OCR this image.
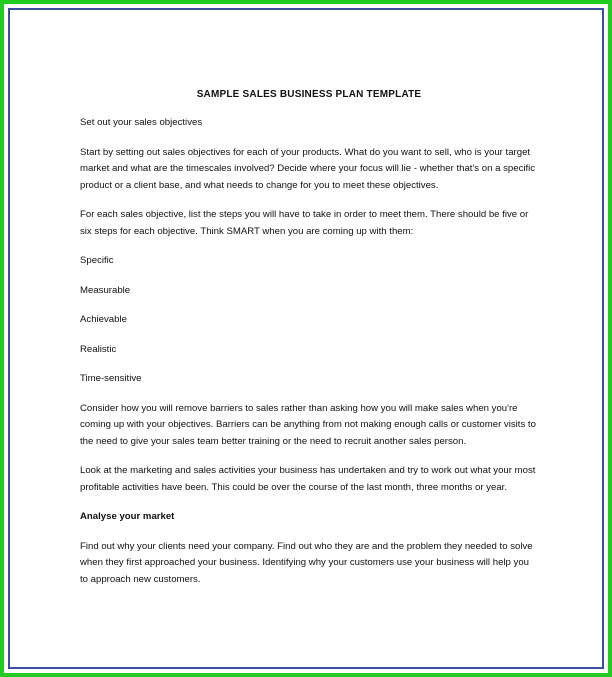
SAMPLE SALES BUSINESS PLAN TEMPLATE

Set out your sales objectives

Start by setting out sales objectives for each of your products. What do you want to sell, who is your target market and what are the timescales involved? Decide where your focus will lie - whether that's on a specific product or a client base, and what needs to change for you to meet these objectives.

For each sales objective, list the steps you will have to take in order to meet them. There should be five or six steps for each objective. Think SMART when you are coming up with them:

Specific

Measurable

Achievable

Realistic

Time-sensitive

Consider how you will remove barriers to sales rather than asking how you will make sales when you're coming up with your objectives. Barriers can be anything from not making enough calls or customer visits to the need to give your sales team better training or the need to recruit another sales person.

Look at the marketing and sales activities your business has undertaken and try to work out what your most profitable activities have been. This could be over the course of the last month, three months or year.

Analyse your market

Find out why your clients need your company. Find out who they are and the problem they needed to solve when they first approached your business. Identifying why your customers use your business will help you to approach new customers.
